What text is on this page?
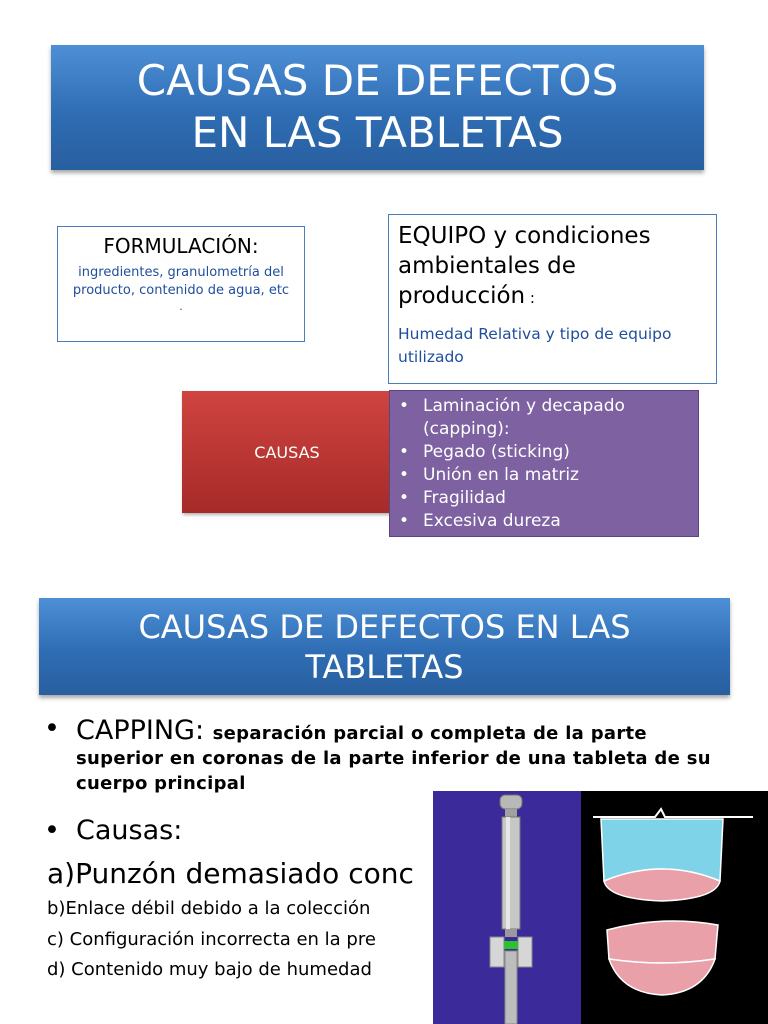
CAUSAS DE DEFECTOS
EN LAS TABLETAS
FORMULACIÓN:
ingredientes, granulometría del producto, contenido de agua, etc
.
EQUIPO y condiciones ambientales de producción :
Humedad Relativa y tipo de equipo utilizado
CAUSAS
• Laminación y decapado (capping):
• Pegado (sticking)
• Unión en la matriz
• Fragilidad
• Excesiva dureza
CAUSAS DE DEFECTOS EN LAS
TABLETAS
• CAPPING: separación parcial o completa de la parte superior en coronas de la parte inferior de una tableta de su cuerpo principal
• Causas:
a)Punzón demasiado conc
b)Enlace débil debido a la colección
c) Configuración incorrecta en la pre
d) Contenido muy bajo de humedad
